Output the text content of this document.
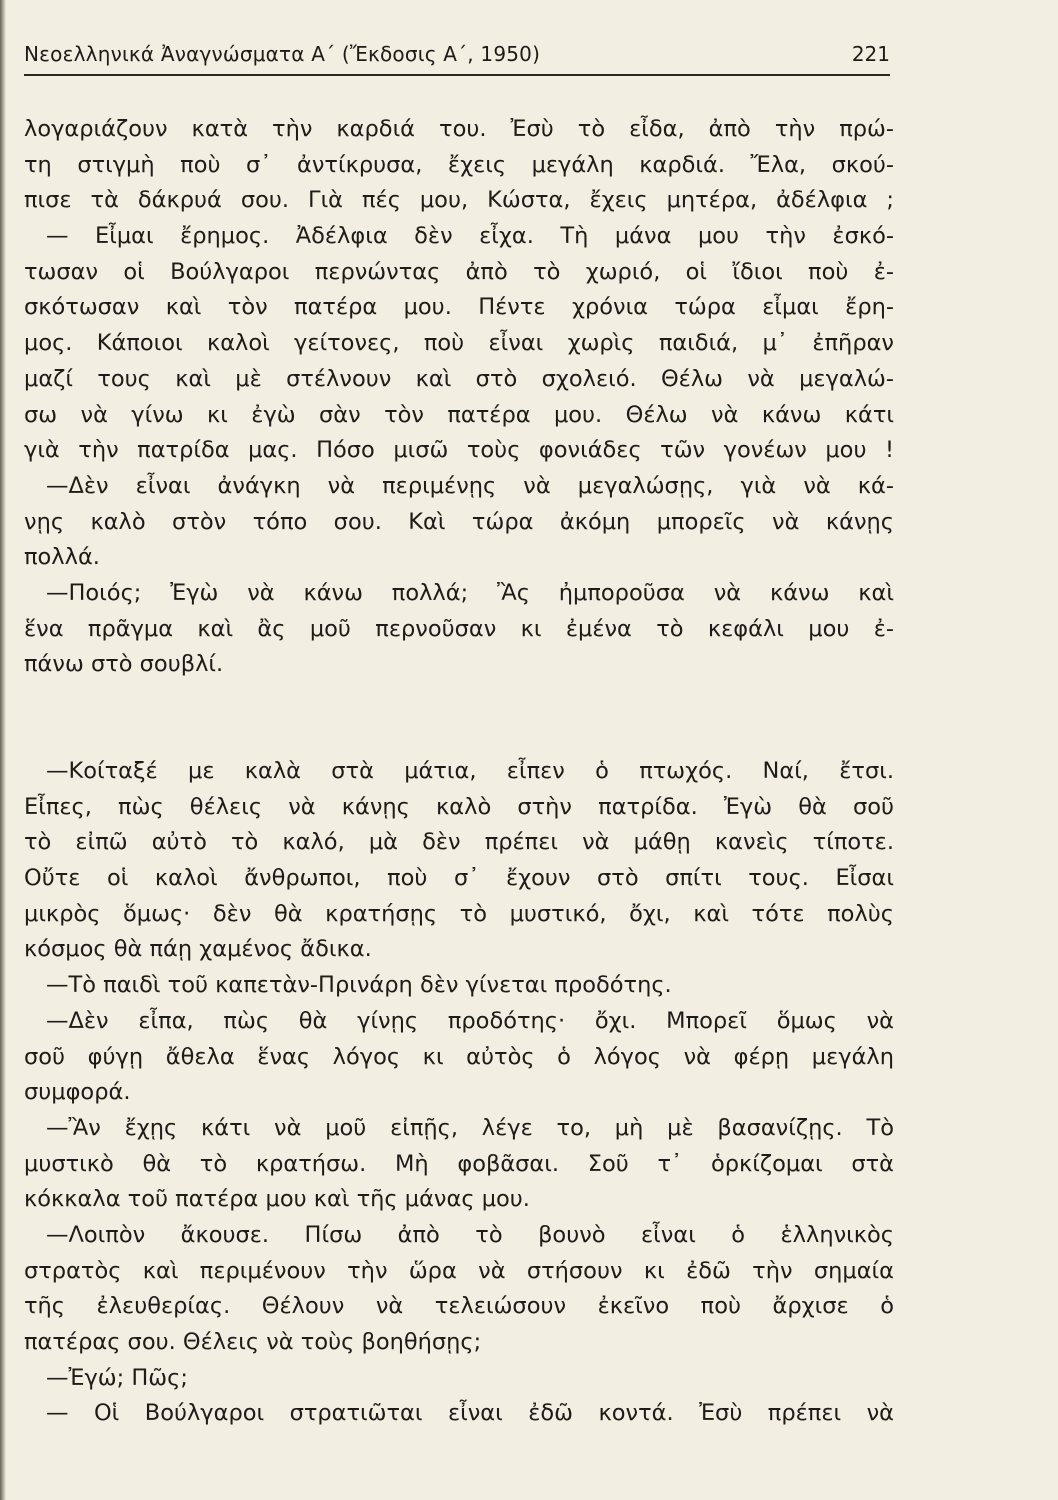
Νεοελληνικά Ἀναγνώσματα Α΄ (Ἔκδοσις Α΄, 1950)	221
λογαριάζουν κατὰ τὴν καρδιά του. Ἐσὺ τὸ εἶδα, ἀπὸ τὴν πρώ-
τη στιγμὴ ποὺ σ᾿ ἀντίκρυσα, ἔχεις μεγάλη καρδιά. Ἔλα, σκού-
πισε τὰ δάκρυά σου. Γιὰ πές μου, Κώστα, ἔχεις μητέρα, ἀδέλφια ;
— Εἶμαι ἔρημος. Ἀδέλφια δὲν εἶχα. Τὴ μάνα μου τὴν ἐσκό-
τωσαν οἱ Βούλγαροι περνώντας ἀπὸ τὸ χωριό, οἱ ἴδιοι ποὺ ἐ-
σκότωσαν καὶ τὸν πατέρα μου. Πέντε χρόνια τώρα εἶμαι ἔρη-
μος. Κάποιοι καλοὶ γείτονες, ποὺ εἶναι χωρὶς παιδιά, μ᾿ ἐπῆραν
μαζί τους καὶ μὲ στέλνουν καὶ στὸ σχολειό. Θέλω νὰ μεγαλώ-
σω νὰ γίνω κι ἐγὼ σὰν τὸν πατέρα μου. Θέλω νὰ κάνω κάτι
γιὰ τὴν πατρίδα μας. Πόσο μισῶ τοὺς φονιάδες τῶν γονέων μου !
—Δὲν εἶναι ἀνάγκη νὰ περιμένῃς νὰ μεγαλώσῃς, γιὰ νὰ κά-
νῃς καλὸ στὸν τόπο σου. Καὶ τώρα ἀκόμη μπορεῖς νὰ κάνῃς
πολλά.
—Ποιός; Ἐγὼ νὰ κάνω πολλά; Ἂς ἠμποροῦσα νὰ κάνω καὶ
ἕνα πρᾶγμα καὶ ἂς μοῦ περνοῦσαν κι ἐμένα τὸ κεφάλι μου ἐ-
πάνω στὸ σουβλί.
—Κοίταξέ με καλὰ στὰ μάτια, εἶπεν ὁ πτωχός. Ναί, ἔτσι.
Εἶπες, πὼς θέλεις νὰ κάνῃς καλὸ στὴν πατρίδα. Ἐγὼ θὰ σοῦ
τὸ εἰπῶ αὐτὸ τὸ καλό, μὰ δὲν πρέπει νὰ μάθῃ κανεὶς τίποτε.
Οὔτε οἱ καλοὶ ἄνθρωποι, ποὺ σ᾿ ἔχουν στὸ σπίτι τους. Εἶσαι
μικρὸς ὅμως· δὲν θὰ κρατήσῃς τὸ μυστικό, ὄχι, καὶ τότε πολὺς
κόσμος θὰ πάῃ χαμένος ἄδικα.
—Τὸ παιδὶ τοῦ καπετὰν-Πρινάρη δὲν γίνεται προδότης.
—Δὲν εἶπα, πὼς θὰ γίνῃς προδότης· ὄχι. Μπορεῖ ὅμως νὰ
σοῦ φύγῃ ἄθελα ἕνας λόγος κι αὐτὸς ὁ λόγος νὰ φέρῃ μεγάλη
συμφορά.
—Ἂν ἔχῃς κάτι νὰ μοῦ εἰπῇς, λέγε το, μὴ μὲ βασανίζῃς. Τὸ
μυστικὸ θὰ τὸ κρατήσω. Μὴ φοβᾶσαι. Σοῦ τ᾿ ὁρκίζομαι στὰ
κόκκαλα τοῦ πατέρα μου καὶ τῆς μάνας μου.
—Λοιπὸν ἄκουσε. Πίσω ἀπὸ τὸ βουνὸ εἶναι ὁ ἑλληνικὸς
στρατὸς καὶ περιμένουν τὴν ὥρα νὰ στήσουν κι ἐδῶ τὴν σημαία
τῆς ἐλευθερίας. Θέλουν νὰ τελειώσουν ἐκεῖνο ποὺ ἄρχισε ὁ
πατέρας σου. Θέλεις νὰ τοὺς βοηθήσῃς;
—Ἐγώ; Πῶς;
— Οἱ Βούλγαροι στρατιῶται εἶναι ἐδῶ κοντά. Ἐσὺ πρέπει νὰ
